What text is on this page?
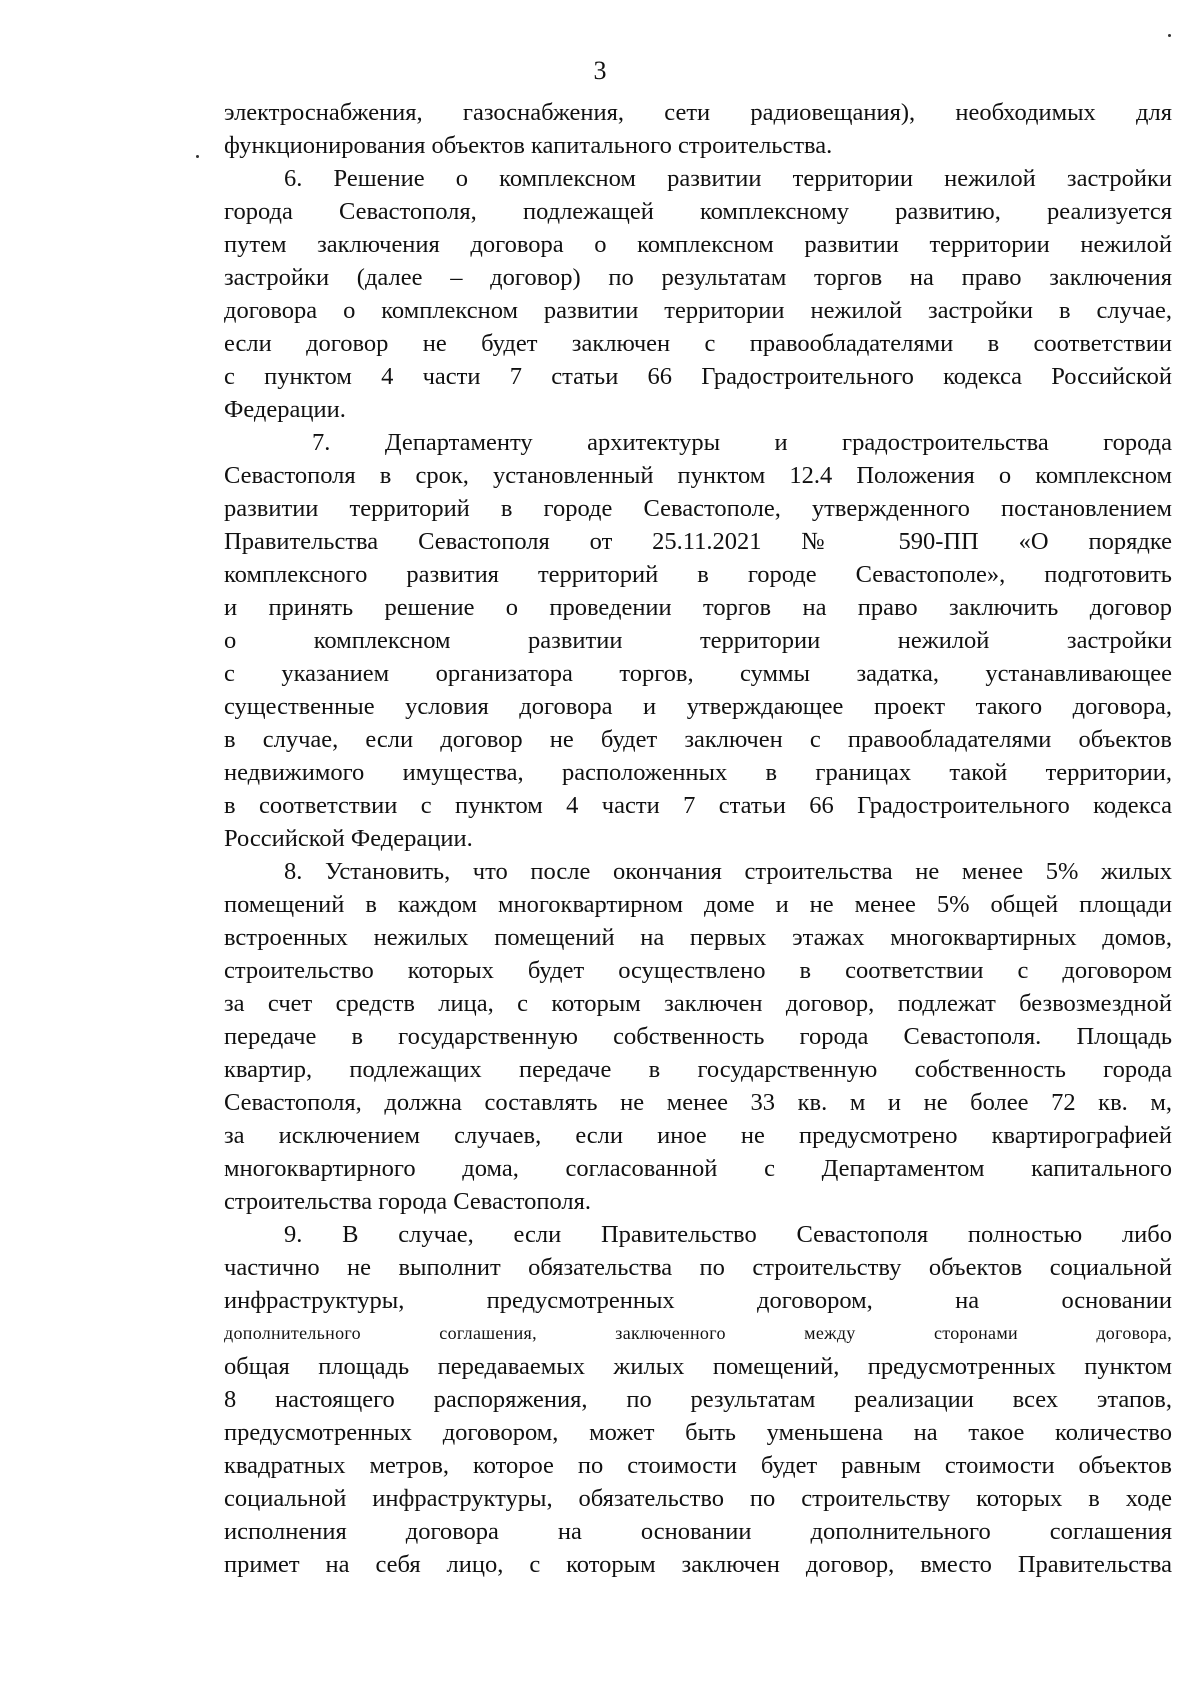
3
электроснабжения, газоснабжения, сети радиовещания), необходимых для
функционирования объектов капитального строительства.
6. Решение о комплексном развитии территории нежилой застройки
города Севастополя, подлежащей комплексному развитию, реализуется
путем заключения договора о комплексном развитии территории нежилой
застройки (далее – договор) по результатам торгов на право заключения
договора о комплексном развитии территории нежилой застройки в случае,
если договор не будет заключен с правообладателями в соответствии
с пунктом 4 части 7 статьи 66 Градостроительного кодекса Российской
Федерации.
7. Департаменту архитектуры и градостроительства города
Севастополя в срок, установленный пунктом 12.4 Положения о комплексном
развитии территорий в городе Севастополе, утвержденного постановлением
Правительства Севастополя от 25.11.2021 № 590-ПП «О порядке
комплексного развития территорий в городе Севастополе», подготовить
и принять решение о проведении торгов на право заключить договор
о комплексном развитии территории нежилой застройки
с указанием организатора торгов, суммы задатка, устанавливающее
существенные условия договора и утверждающее проект такого договора,
в случае, если договор не будет заключен с правообладателями объектов
недвижимого имущества, расположенных в границах такой территории,
в соответствии с пунктом 4 части 7 статьи 66 Градостроительного кодекса
Российской Федерации.
8. Установить, что после окончания строительства не менее 5% жилых
помещений в каждом многоквартирном доме и не менее 5% общей площади
встроенных нежилых помещений на первых этажах многоквартирных домов,
строительство которых будет осуществлено в соответствии с договором
за счет средств лица, с которым заключен договор, подлежат безвозмездной
передаче в государственную собственность города Севастополя. Площадь
квартир, подлежащих передаче в государственную собственность города
Севастополя, должна составлять не менее 33 кв. м и не более 72 кв. м,
за исключением случаев, если иное не предусмотрено квартирографией
многоквартирного дома, согласованной с Департаментом капитального
строительства города Севастополя.
9. В случае, если Правительство Севастополя полностью либо
частично не выполнит обязательства по строительству объектов социальной
инфраструктуры, предусмотренных договором, на основании
дополнительного соглашения, заключенного между сторонами договора,
общая площадь передаваемых жилых помещений, предусмотренных пунктом
8 настоящего распоряжения, по результатам реализации всех этапов,
предусмотренных договором, может быть уменьшена на такое количество
квадратных метров, которое по стоимости будет равным стоимости объектов
социальной инфраструктуры, обязательство по строительству которых в ходе
исполнения договора на основании дополнительного соглашения
примет на себя лицо, с которым заключен договор, вместо Правительства
